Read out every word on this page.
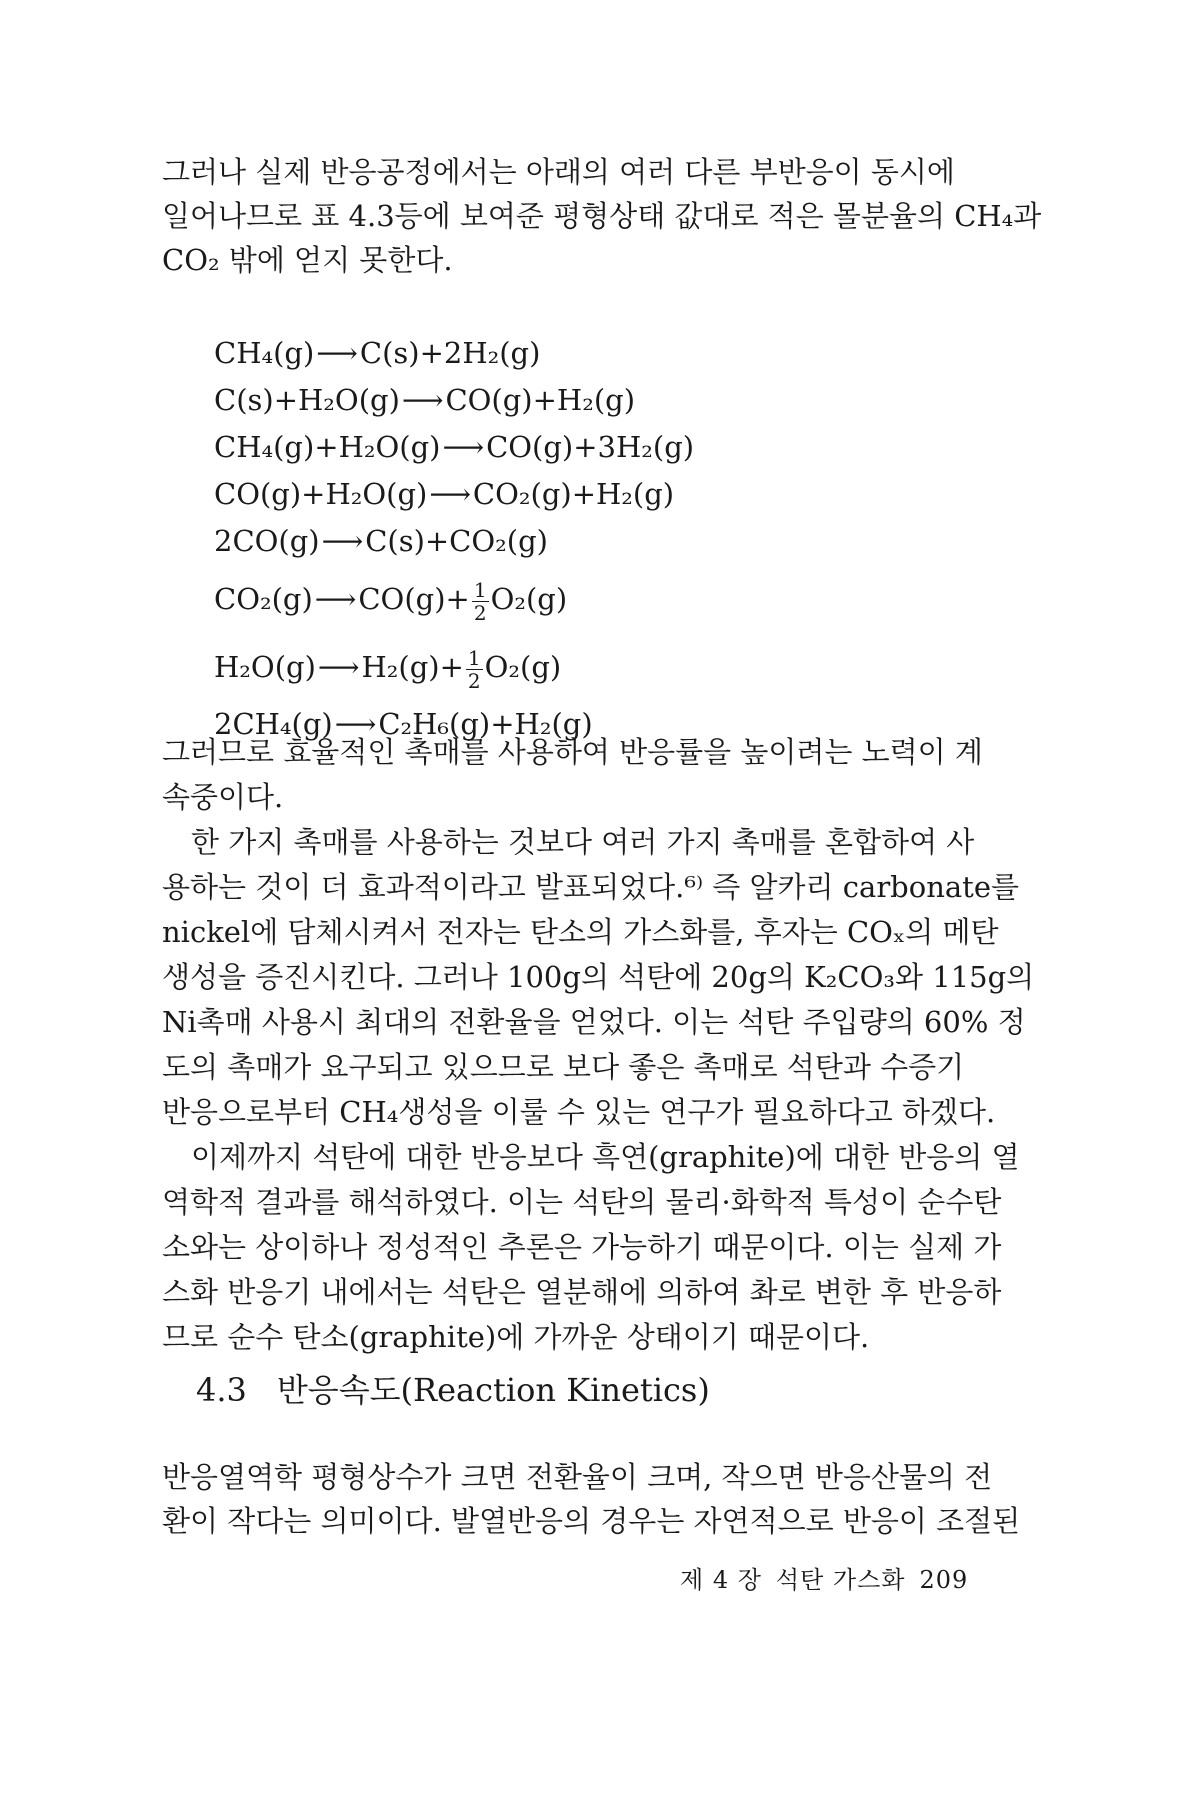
그러나 실제 반응공정에서는 아래의 여러 다른 부반응이 동시에
일어나므로 표 4.3등에 보여준 평형상태 값대로 적은 몰분율의 CH₄과
CO₂ 밖에 얻지 못한다.

CH₄(g)⟶C(s)+2H₂(g)
C(s)+H₂O(g)⟶CO(g)+H₂(g)
CH₄(g)+H₂O(g)⟶CO(g)+3H₂(g)
CO(g)+H₂O(g)⟶CO₂(g)+H₂(g)
2CO(g)⟶C(s)+CO₂(g)
CO₂(g)⟶CO(g)+ $\frac{1}{2} O_2(g)$
H₂O(g)⟶H₂(g)+ $\frac{1}{2} O_2(g)$
2CH₄(g)⟶C₂H₆(g)+H₂(g)

그러므로 효율적인 촉매를 사용하여 반응률을 높이려는 노력이 계
속중이다.
　한 가지 촉매를 사용하는 것보다 여러 가지 촉매를 혼합하여 사
용하는 것이 더 효과적이라고 발표되었다.⁶⁾ 즉 알카리 carbonate를
nickel에 담체시켜서 전자는 탄소의 가스화를, 후자는 COₓ의 메탄
생성을 증진시킨다. 그러나 100g의 석탄에 20g의 K₂CO₃와 115g의
Ni촉매 사용시 최대의 전환율을 얻었다. 이는 석탄 주입량의 60% 정
도의 촉매가 요구되고 있으므로 보다 좋은 촉매로 석탄과 수증기
반응으로부터 CH₄생성을 이룰 수 있는 연구가 필요하다고 하겠다.
　이제까지 석탄에 대한 반응보다 흑연(graphite)에 대한 반응의 열
역학적 결과를 해석하였다. 이는 석탄의 물리·화학적 특성이 순수탄
소와는 상이하나 정성적인 추론은 가능하기 때문이다. 이는 실제 가
스화 반응기 내에서는 석탄은 열분해에 의하여 촤로 변한 후 반응하
므로 순수 탄소(graphite)에 가까운 상태이기 때문이다.

4.3 반응속도(Reaction Kinetics)

반응열역학 평형상수가 크면 전환율이 크며, 작으면 반응산물의 전
환이 작다는 의미이다. 발열반응의 경우는 자연적으로 반응이 조절된

제 4 장 석탄 가스화 209
